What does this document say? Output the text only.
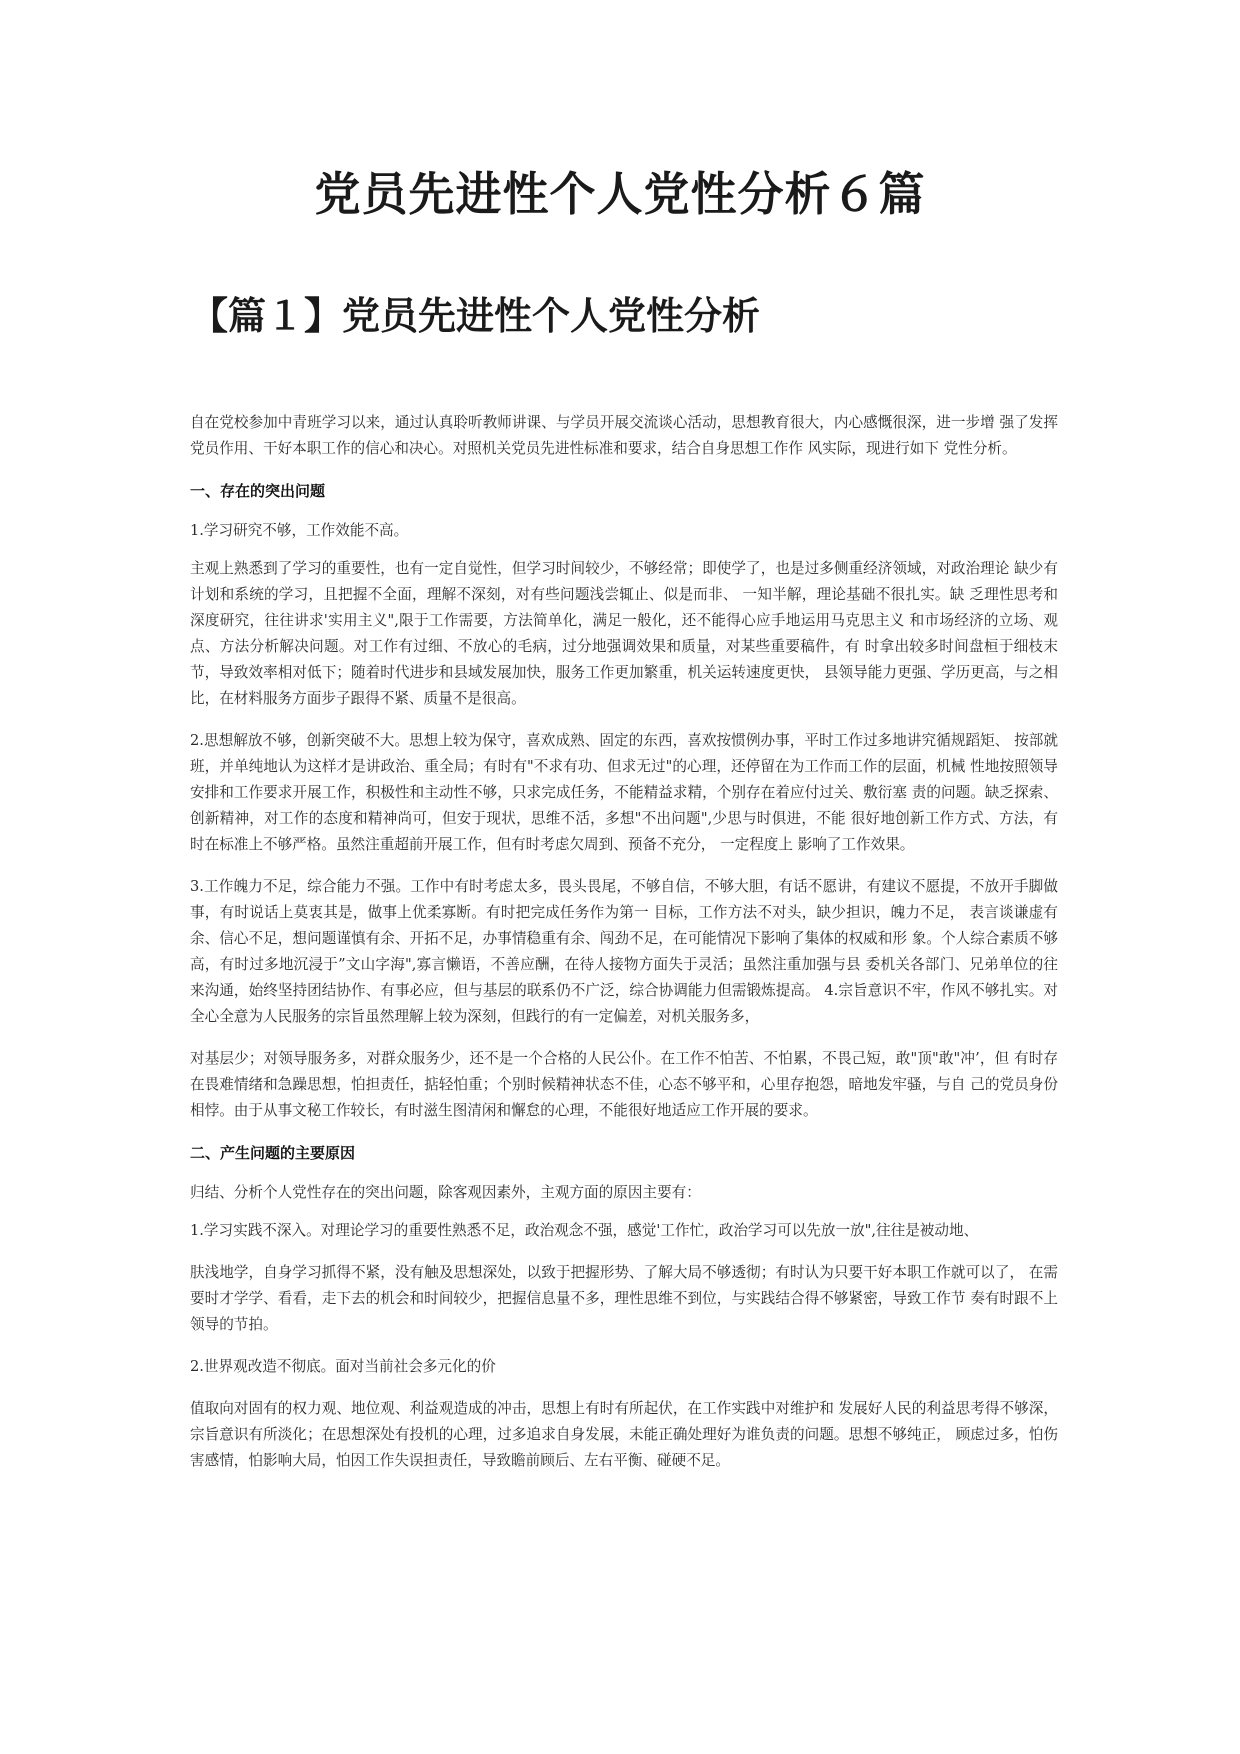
党员先进性个人党性分析６篇
【篇１】党员先进性个人党性分析

自在党校参加中青班学习以来，通过认真聆听教师讲课、与学员开展交流谈心活动，思想教育很大，内心感慨很深，进一步增 强了发挥党员作用、干好本职工作的信心和决心。对照机关党员先进性标准和要求，结合自身思想工作作 风实际，现进行如下 党性分析。

一、存在的突出问题

1.学习研究不够，工作效能不高。

主观上熟悉到了学习的重要性，也有一定自觉性，但学习时间较少，不够经常；即使学了，也是过多侧重经济领域，对政治理论 缺少有计划和系统的学习，且把握不全面，理解不深刻，对有些问题浅尝辄止、似是而非、 一知半解，理论基础不很扎实。缺 乏理性思考和深度研究，往往讲求'实用主义",限于工作需要，方法简单化，满足一般化，还不能得心应手地运用马克思主义 和市场经济的立场、观点、方法分析解决问题。对工作有过细、不放心的毛病，过分地强调效果和质量，对某些重要稿件，有 时拿出较多时间盘桓于细枝末节，导致效率相对低下；随着时代进步和县域发展加快，服务工作更加繁重，机关运转速度更快， 县领导能力更强、学历更高，与之相比，在材料服务方面步子跟得不紧、质量不是很高。

2.思想解放不够，创新突破不大。思想上较为保守，喜欢成熟、固定的东西，喜欢按惯例办事，平时工作过多地讲究循规蹈矩、 按部就班，并单纯地认为这样才是讲政治、重全局；有时有"不求有功、但求无过"的心理，还停留在为工作而工作的层面，机械 性地按照领导安排和工作要求开展工作，积极性和主动性不够，只求完成任务，不能精益求精，个别存在着应付过关、敷衍塞 责的问题。缺乏探索、创新精神，对工作的态度和精神尚可，但安于现状，思维不活，多想"不出问题",少思与时俱进，不能 很好地创新工作方式、方法，有时在标准上不够严格。虽然注重超前开展工作，但有时考虑欠周到、预备不充分， 一定程度上 影响了工作效果。

3.工作魄力不足，综合能力不强。工作中有时考虑太多，畏头畏尾，不够自信，不够大胆，有话不愿讲，有建议不愿提，不放开手脚做事，有时说话上莫衷其是，做事上优柔寡断。有时把完成任务作为第一 目标，工作方法不对头，缺少担识，魄力不足， 表言谈谦虚有余、信心不足，想问题谨慎有余、开拓不足，办事情稳重有余、闯劲不足，在可能情况下影响了集体的权威和形 象。个人综合素质不够高，有时过多地沉浸于”文山字海",寡言懒语，不善应酬，在待人接物方面失于灵活；虽然注重加强与县 委机关各部门、兄弟单位的往来沟通，始终坚持团结协作、有事必应，但与基层的联系仍不广泛，综合协调能力但需锻炼提高。 4.宗旨意识不牢，作风不够扎实。对全心全意为人民服务的宗旨虽然理解上较为深刻，但践行的有一定偏差，对机关服务多，

对基层少；对领导服务多，对群众服务少，还不是一个合格的人民公仆。在工作不怕苦、不怕累，不畏己短，敢"顶"敢"冲’，但 有时存在畏难情绪和急躁思想，怕担责任，掂轻怕重；个别时候精神状态不佳，心态不够平和，心里存抱怨，暗地发牢骚，与自 己的党员身份相悖。由于从事文秘工作较长，有时滋生图清闲和懈怠的心理，不能很好地适应工作开展的要求。

二、产生问题的主要原因

归结、分析个人党性存在的突出问题，除客观因素外，主观方面的原因主要有：

1.学习实践不深入。对理论学习的重要性熟悉不足，政治观念不强，感觉'工作忙，政治学习可以先放一放",往往是被动地、

肤浅地学，自身学习抓得不紧，没有触及思想深处，以致于把握形势、了解大局不够透彻；有时认为只要干好本职工作就可以了， 在需要时才学学、看看，走下去的机会和时间较少，把握信息量不多，理性思维不到位，与实践结合得不够紧密，导致工作节 奏有时跟不上领导的节拍。

2.世界观改造不彻底。面对当前社会多元化的价

值取向对固有的权力观、地位观、利益观造成的冲击，思想上有时有所起伏，在工作实践中对维护和 发展好人民的利益思考得不够深，宗旨意识有所淡化；在思想深处有投机的心理，过多追求自身发展，未能正确处理好为谁负责的问题。思想不够纯正， 顾虑过多，怕伤害感情，怕影响大局，怕因工作失误担责任，导致瞻前顾后、左右平衡、碰硬不足。
